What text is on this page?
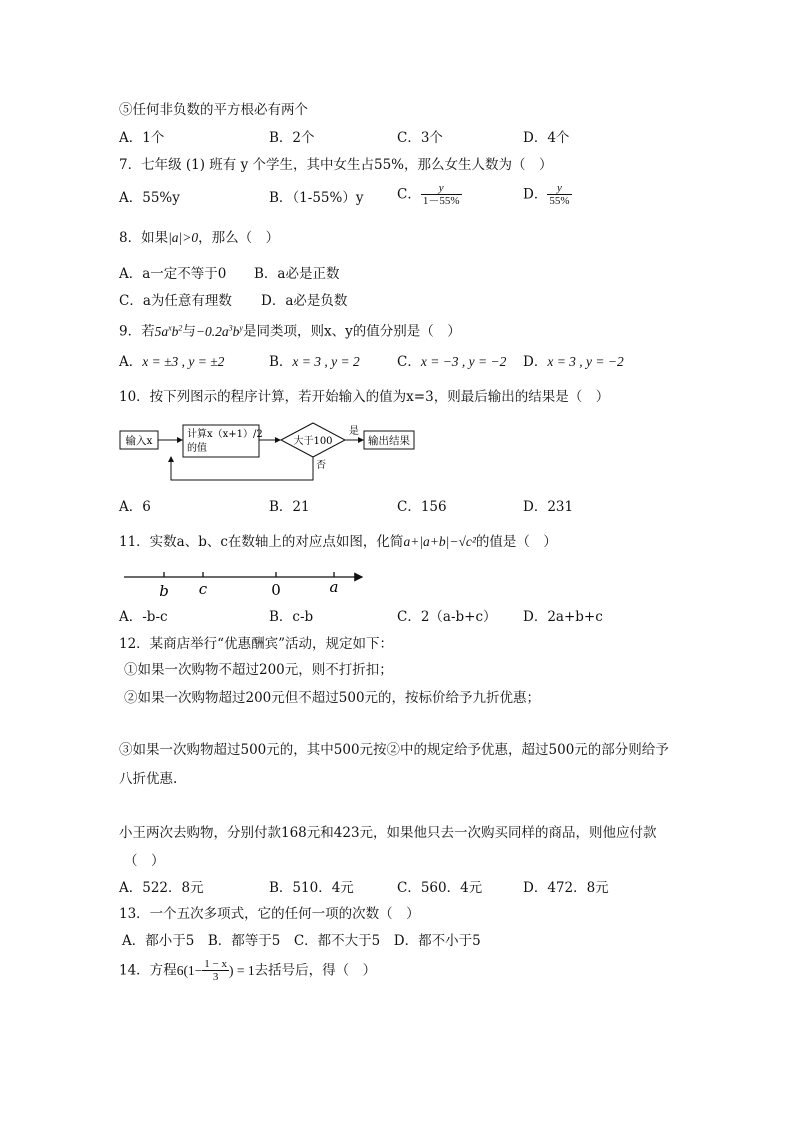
⑤任何非负数的平方根必有两个
A．1个	B．2个	C．3个	D．4个
7．七年级 (1) 班有 y 个学生，其中女生占55%，那么女生人数为（　）
A．55%y	B．（1-55%）y C． $\frac{y}{1-55\%}$	D． $\frac{y}{55\%}$
8．如果|a|>0，那么（　）
A．a一定不等于0 B．a必是正数
C．a为任意有理数 D．a必是负数
9．若$5a^xb^2$与$-0.2a^3b^y$是同类项，则x、y的值分别是（　）
A．x = ±3 , y = ±2	B．x = 3 , y = 2	C．x = −3 , y = −2 D．x = 3 , y = −2
10．按下列图示的程序计算，若开始输入的值为x=3，则最后输出的结果是（　）
输入x
计算x（x+1）/2
的值
大于100
是
输出结果
否
A．6	B．21	C．156	D．231
11．实数a、b、c在数轴上的对应点如图，化简a+|a+b|−√c²的值是（　）
b c	0	a
A．-b-c	B．c-b	C．2（a-b+c） D．2a+b+c
12．某商店举行“优惠酬宾”活动，规定如下：
①如果一次购物不超过200元，则不打折扣；
②如果一次购物超过200元但不超过500元的，按标价给予九折优惠；
③如果一次购物超过500元的，其中500元按②中的规定给予优惠，超过500元的部分则给予
八折优惠.
小王两次去购物，分别付款168元和423元，如果他只去一次购买同样的商品，则他应付款
（　）
A．522．8元	B．510．4元	C．560．4元	D．472．8元
13．一个五次多项式，它的任何一项的次数（　）
A．都小于5　B．都等于5　C．都不大于5　D．都不小于5
14．方程$6(1- \frac{1 - x}{3}$ ) = 1去括号后，得（　）
